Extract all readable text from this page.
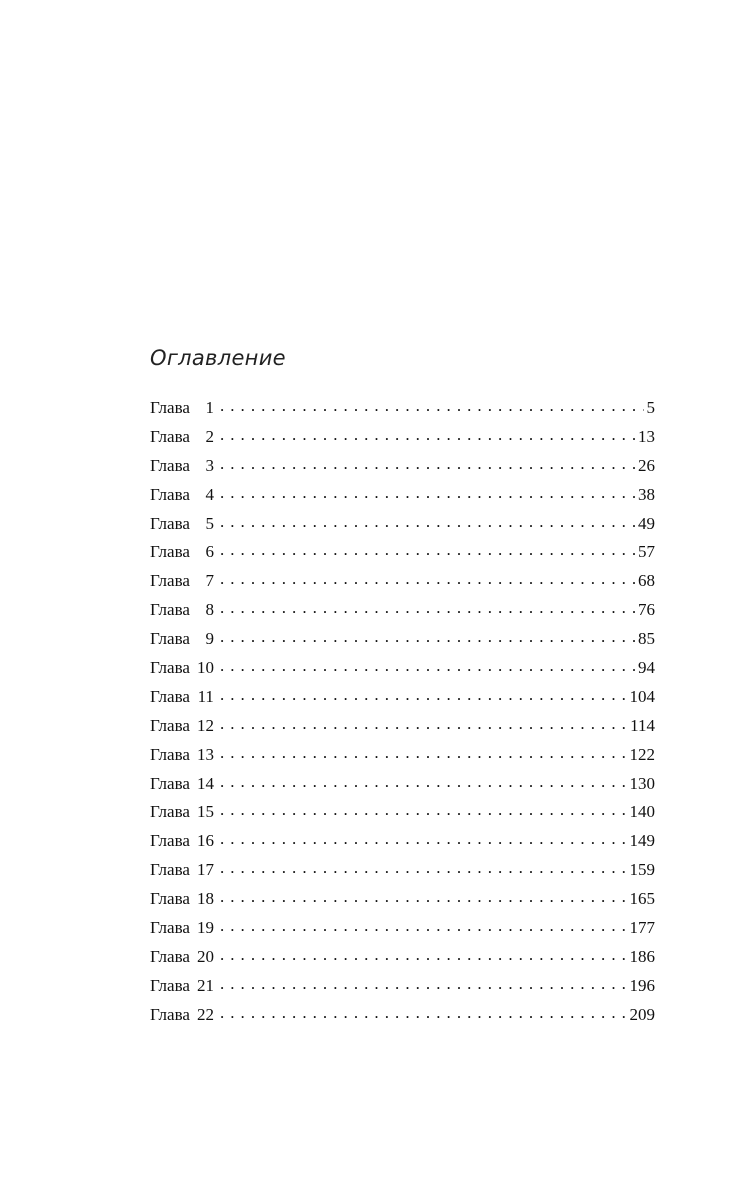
Оглавление
Глава 1 . . .	5
Глава 2 . . .	13
Глава 3 . . .	26
Глава 4 . . .	38
Глава 5 . . .	49
Глава 6 . . .	57
Глава 7 . . .	68
Глава 8 . . .	76
Глава 9 . . .	85
Глава 10 . . .	94
Глава 11 . . .	104
Глава 12 . . .	114
Глава 13 . . .	122
Глава 14 . . .	130
Глава 15 . . .	140
Глава 16 . . .	149
Глава 17 . . .	159
Глава 18 . . .	165
Глава 19 . . .	177
Глава 20 . . .	186
Глава 21 . . .	196
Глава 22 . . .	209
